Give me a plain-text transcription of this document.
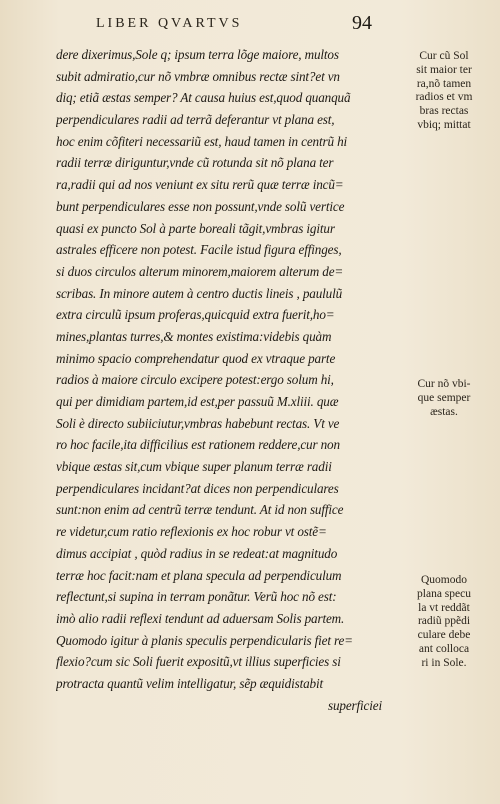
LIBER QVARTVS	94
dere dixerimus,Sole q; ipsum terra lõge maiore, multos
subit admiratio,cur nõ vmbræ omnibus rectæ sint?et vn
diq; etiã æstas semper? At causa huius est,quod quanquã
perpendiculares radii ad terrã deferantur vt plana est,
hoc enim cõfiteri necessariũ est, haud tamen in centrũ hi
radii terræ diriguntur,vnde cũ rotunda sit nõ plana ter
ra,radii qui ad nos veniunt ex situ rerũ quæ terræ incũ=
bunt perpendiculares esse non possunt,vnde solũ vertice
quasi ex puncto Sol à parte boreali tãgit,vmbras igitur
astrales efficere non potest. Facile istud figura effinges,
si duos circulos alterum minorem,maiorem alterum de=
scribas. In minore autem à centro ductis lineis , paululũ
extra circulũ ipsum proferas,quicquid extra fuerit,ho=
mines,plantas turres,& montes existima:videbis quàm
minimo spacio comprehendatur quod ex vtraque parte
radios à maiore circulo excipere potest:ergo solum hi,
qui per dimidiam partem,id est,per passuũ M.xliii. quæ
Soli è directo subiiciutur,vmbras habebunt rectas. Vt ve
ro hoc facile,ita difficilius est rationem reddere,cur non
vbique æstas sit,cum vbique super planum terræ radii
perpendiculares incidant?at dices non perpendiculares
sunt:non enim ad centrũ terræ tendunt. At id non suffice
re videtur,cum ratio reflexionis ex hoc robur vt ostẽ=
dimus accipiat , quòd radius in se redeat:at magnitudo
terræ hoc facit:nam et plana specula ad perpendiculum
reflectunt,si supina in terram ponãtur. Verũ hoc nõ est:
imò alio radii reflexi tendunt ad aduersam Solis partem.
Quomodo igitur à planis speculis perpendicularis fiet re=
flexio?cum sic Soli fuerit expositũ,vt illius superficies si
protracta quantũ velim intelligatur, sẽp æquidistabit
superficiei
Cur cũ Sol
sit maior ter
ra,nõ tamen
radios et vm
bras rectas
vbiq; mittat
Cur nõ vbi-
que semper
æstas.
Quomodo
plana specu
la vt reddãt
radiũ ppẽdi
culare debe
ant colloca
ri in Sole.
